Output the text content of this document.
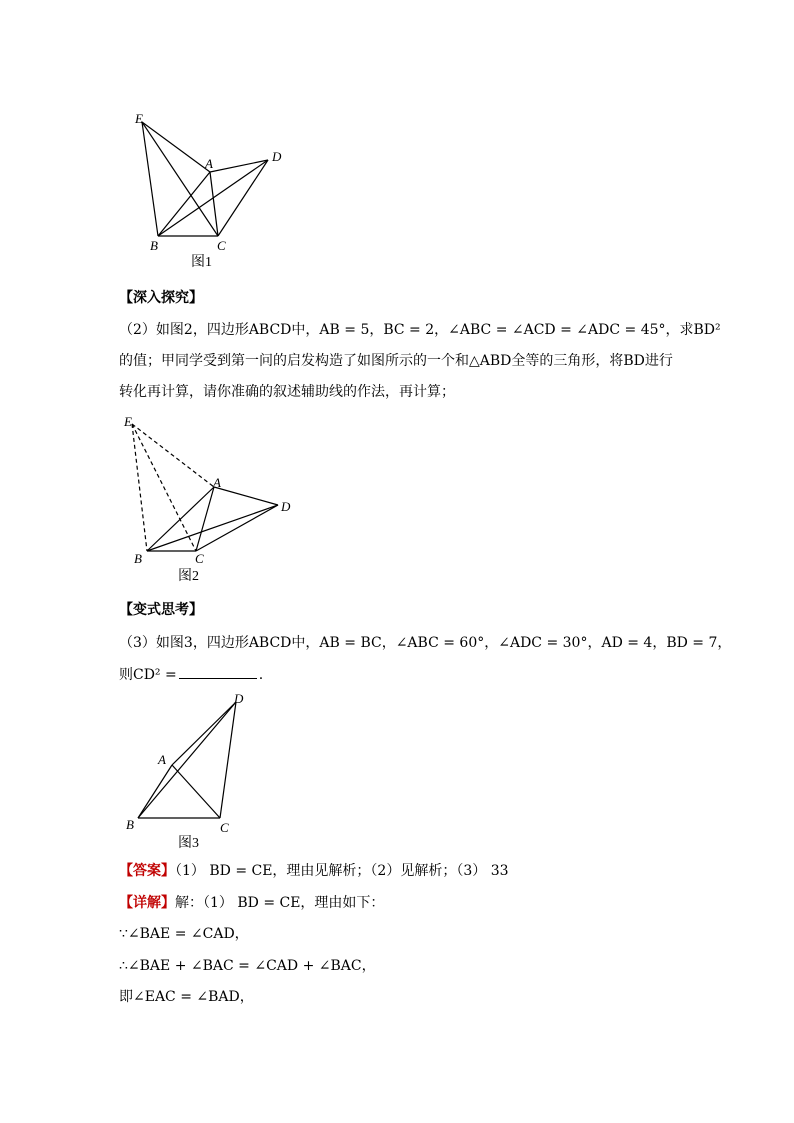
E
A	D
B	C
图1
【深入探究】
（2）如图2，四边形ABCD中，AB = 5，BC = 2，∠ABC = ∠ACD = ∠ADC = 45°，求BD²
的值；甲同学受到第一问的启发构造了如图所示的一个和△ABD全等的三角形，将BD进行
转化再计算，请你准确的叙述辅助线的作法，再计算；
E
A
D
B	C
图2
【变式思考】
（3）如图3，四边形ABCD中，AB = BC，∠ABC = 60°，∠ADC = 30°，AD = 4，BD = 7，
则CD² =	.
A
D
B	C
图3
【答案】（1） BD = CE，理由见解析；（2）见解析；（3） 33
【详解】解：（1） BD = CE，理由如下：
∵∠BAE = ∠CAD，
∴∠BAE + ∠BAC = ∠CAD + ∠BAC，
即∠EAC = ∠BAD，
